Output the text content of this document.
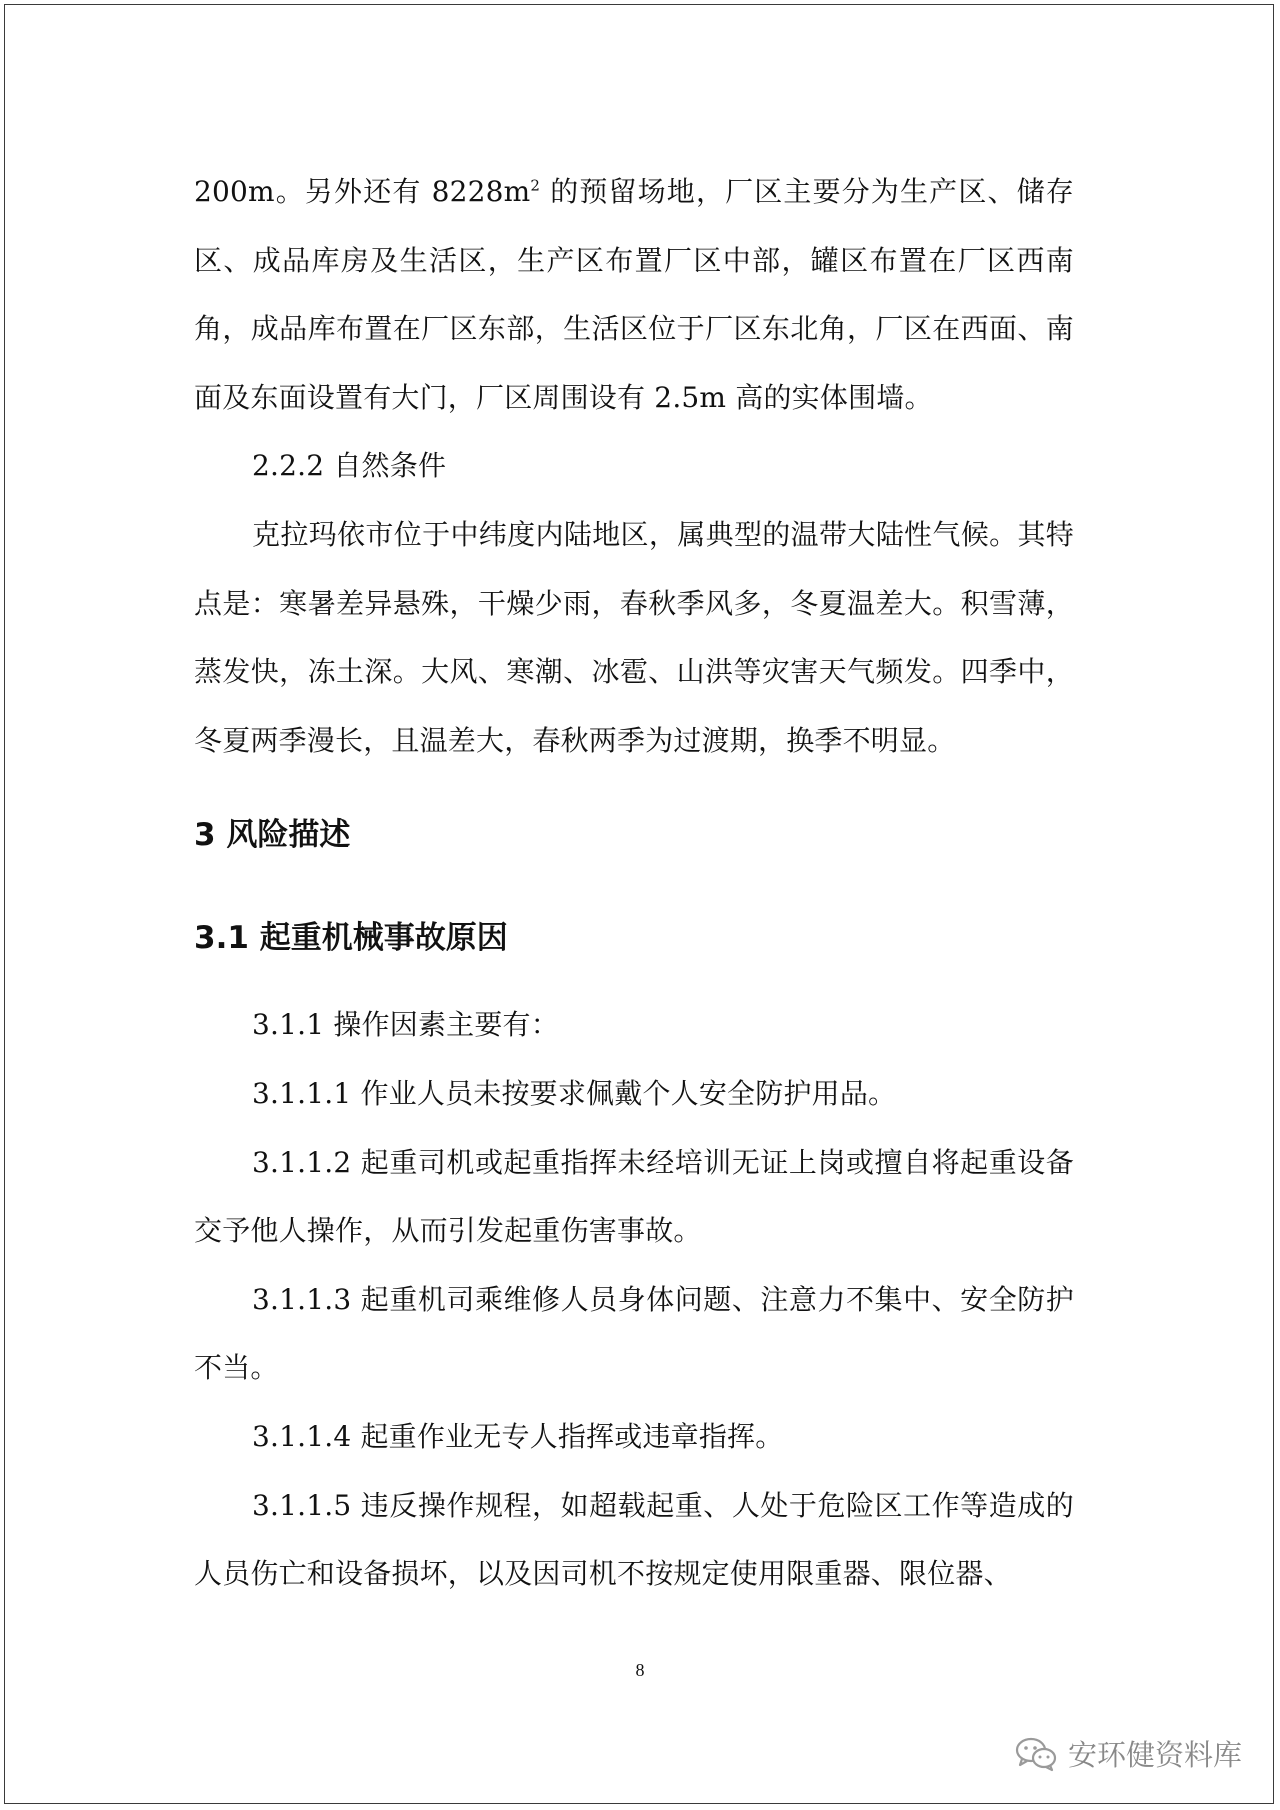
200m。另外还有 $8228m^2$ 的预留场地，厂区主要分为生产区、储存区、成品库房及生活区，生产区布置厂区中部，罐区布置在厂区西南角，成品库布置在厂区东部，生活区位于厂区东北角，厂区在西面、南面及东面设置有大门，厂区周围设有 2.5m 高的实体围墙。

2.2.2 自然条件

克拉玛依市位于中纬度内陆地区，属典型的温带大陆性气候。其特点是：寒暑差异悬殊，干燥少雨，春秋季风多，冬夏温差大。积雪薄，蒸发快，冻土深。大风、寒潮、冰雹、山洪等灾害天气频发。四季中，冬夏两季漫长，且温差大，春秋两季为过渡期，换季不明显。

3 风险描述
3.1 起重机械事故原因

3.1.1 操作因素主要有：

3.1.1.1 作业人员未按要求佩戴个人安全防护用品。

3.1.1.2 起重司机或起重指挥未经培训无证上岗或擅自将起重设备交予他人操作，从而引发起重伤害事故。

3.1.1.3 起重机司乘维修人员身体问题、注意力不集中、安全防护不当。

3.1.1.4 起重作业无专人指挥或违章指挥。

3.1.1.5 违反操作规程，如超载起重、人处于危险区工作等造成的人员伤亡和设备损坏，以及因司机不按规定使用限重器、限位器、

8
安环健资料库
